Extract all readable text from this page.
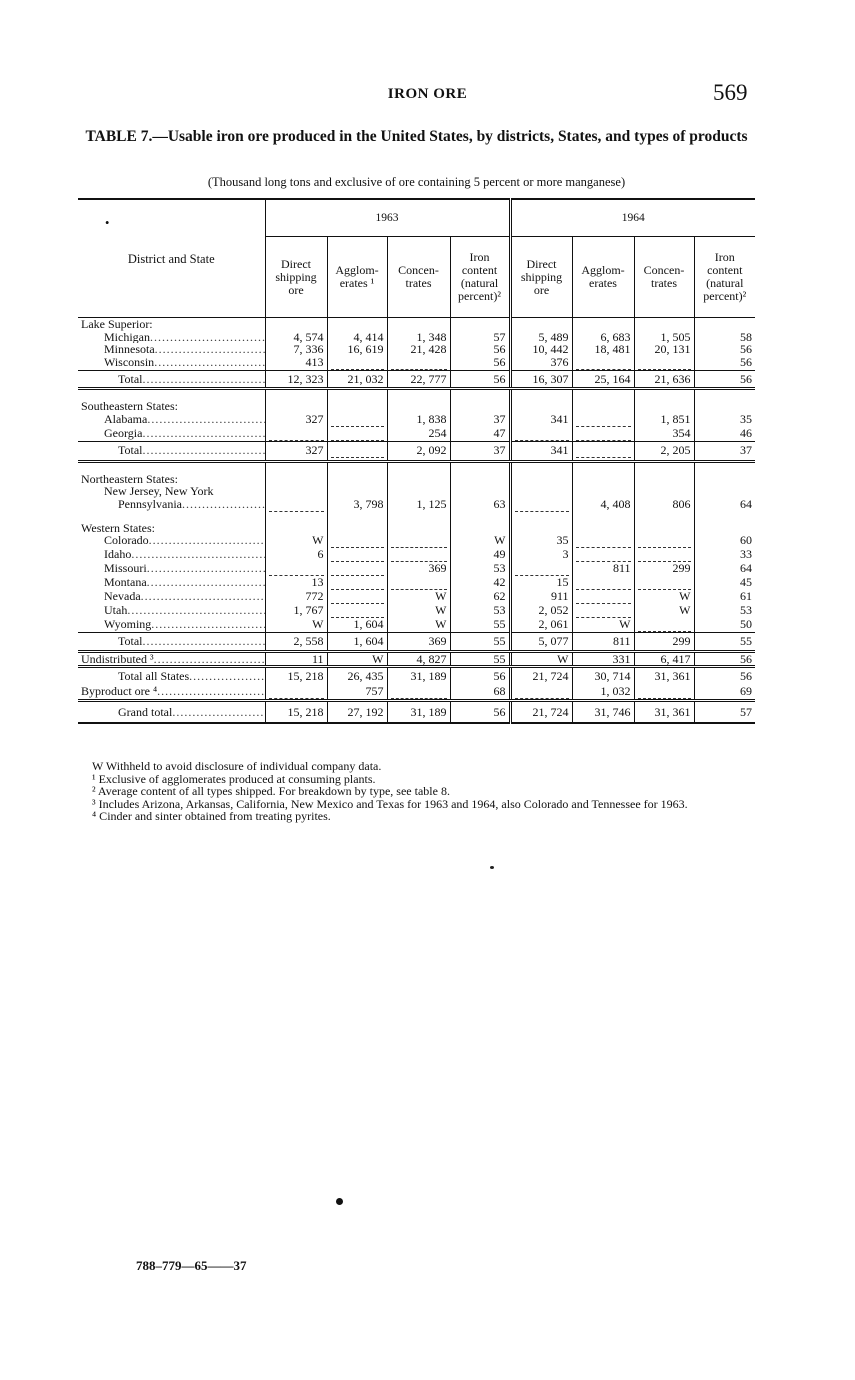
IRON ORE	569
TABLE 7.—Usable iron ore produced in the United States, by districts, States, and types of products
(Thousand long tons and exclusive of ore containing 5 percent or more manganese)
•
District and State	1963				1964			
	Direct shipping ore	Agglom-erates ¹	Concen-trates	Iron content (natural percent)²	Direct shipping ore	Agglom-erates	Concen-trates	Iron content (natural percent)²
Lake Superior:								
Michigan .....	4, 574	4, 414	1, 348	57	5, 489	6, 683	1, 505	58
Minnesota .....	7, 336	16, 619	21, 428	56	10, 442	18, 481	20, 131	56
Wisconsin .....	413			56	376			56
Total .....	12, 323	21, 032	22, 777	56	16, 307	25, 164	21, 636	56

Southeastern States:								
Alabama .....	327		1, 838	37	341		1, 851	35
Georgia .....			254	47			354	46
Total .....	327		2, 092	37	341		2, 205	37

Northeastern States:								
New Jersey, New York								
Pennsylvania .....		3, 798	1, 125	63		4, 408	806	64

Western States:								
Colorado .....	W			W	35			60
Idaho .....	6			49	3			33
Missouri .....			369	53		811	299	64
Montana .....	13			42	15			45
Nevada .....	772		W	62	911		W	61
Utah .....	1, 767		W	53	2, 052		W	53
Wyoming .....	W	1, 604	W	55	2, 061	W		50
Total .....	2, 558	1, 604	369	55	5, 077	811	299	55
Undistributed ³ .....	11	W	4, 827	55	W	331	6, 417	56
Total all States .....	15, 218	26, 435	31, 189	56	21, 724	30, 714	31, 361	56
Byproduct ore ⁴ .....		757		68		1, 032		69
Grand total .....	15, 218	27, 192	31, 189	56	21, 724	31, 746	31, 361	57
W Withheld to avoid disclosure of individual company data.
¹ Exclusive of agglomerates produced at consuming plants.
² Average content of all types shipped. For breakdown by type, see table 8.
³ Includes Arizona, Arkansas, California, New Mexico and Texas for 1963 and 1964, also Colorado and Tennessee for 1963.
⁴ Cinder and sinter obtained from treating pyrites.
788–779—65——37
